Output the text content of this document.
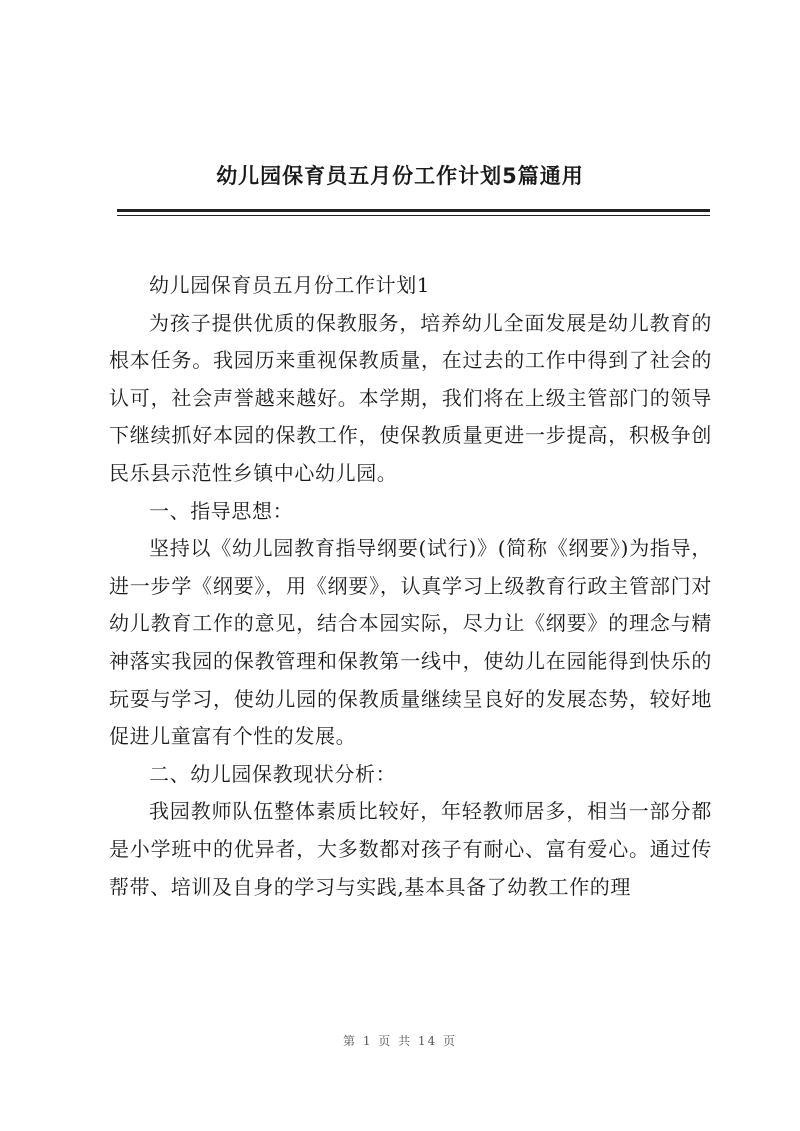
幼儿园保育员五月份工作计划5篇通用

幼儿园保育员五月份工作计划1

为孩子提供优质的保教服务，培养幼儿全面发展是幼儿教育的根本任务。我园历来重视保教质量，在过去的工作中得到了社会的认可，社会声誉越来越好。本学期，我们将在上级主管部门的领导下继续抓好本园的保教工作，使保教质量更进一步提高，积极争创民乐县示范性乡镇中心幼儿园。

一、指导思想：

坚持以《幼儿园教育指导纲要(试行)》(简称《纲要》)为指导，进一步学《纲要》，用《纲要》，认真学习上级教育行政主管部门对幼儿教育工作的意见，结合本园实际，尽力让《纲要》的理念与精神落实我园的保教管理和保教第一线中，使幼儿在园能得到快乐的玩耍与学习，使幼儿园的保教质量继续呈良好的发展态势，较好地促进儿童富有个性的发展。

二、幼儿园保教现状分析：

我园教师队伍整体素质比较好，年轻教师居多，相当一部分都是小学班中的优异者，大多数都对孩子有耐心、富有爱心。通过传帮带、培训及自身的学习与实践,基本具备了幼教工作的理

第 1 页 共 14 页
